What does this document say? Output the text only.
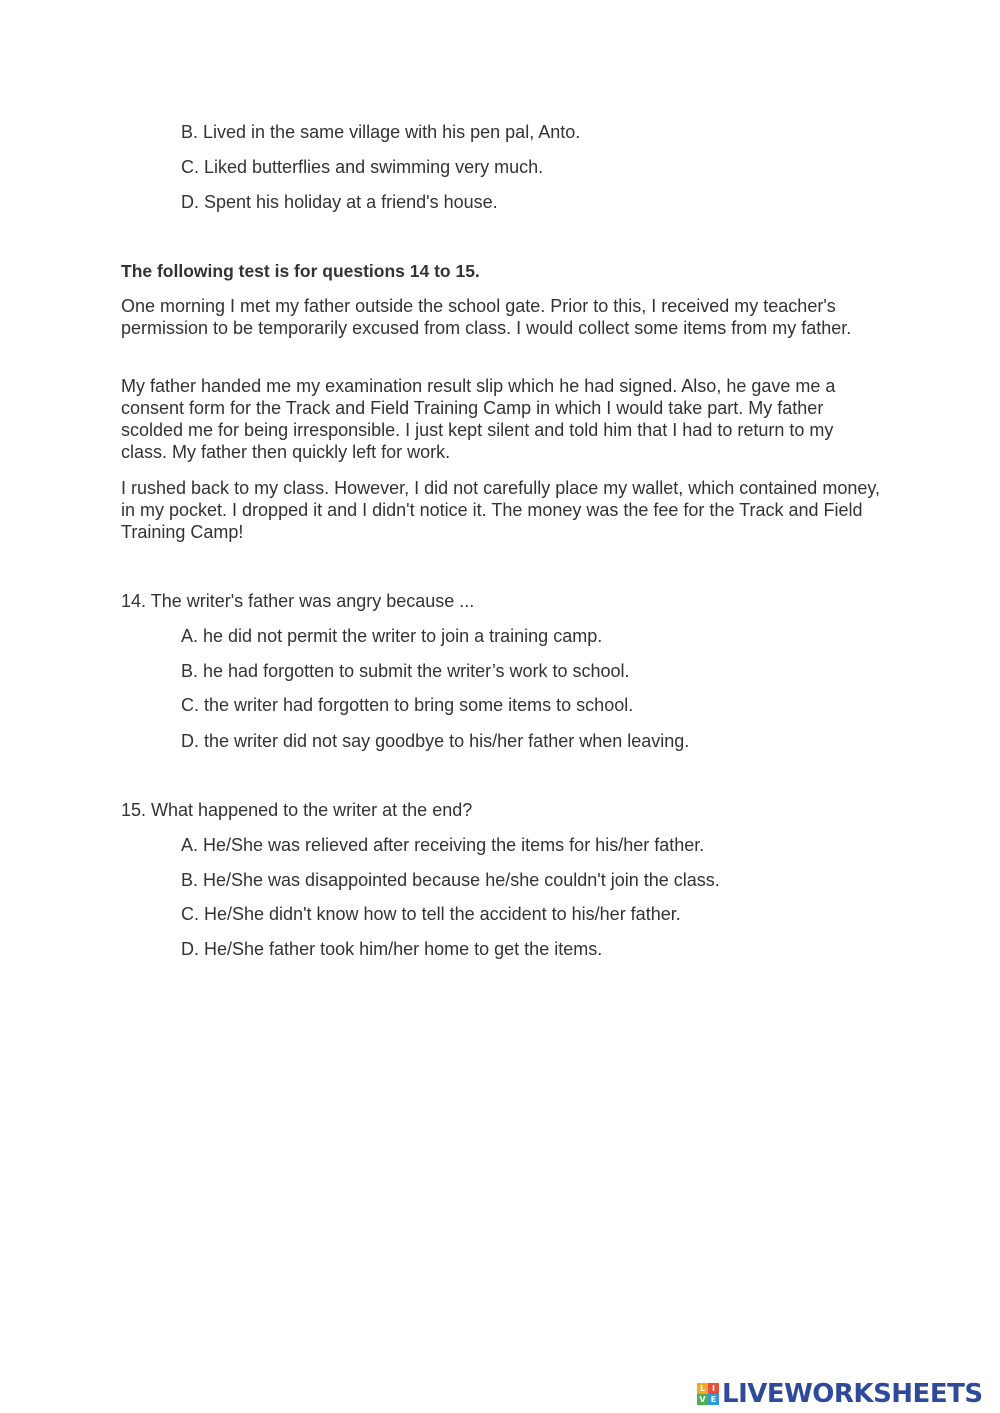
B. Lived in the same village with his pen pal, Anto.
C. Liked butterflies and swimming very much.
D. Spent his holiday at a friend's house.
The following test is for questions 14 to 15.

One morning I met my father outside the school gate. Prior to this, I received my teacher's permission to be temporarily excused from class. I would collect some items from my father.

My father handed me my examination result slip which he had signed. Also, he gave me a consent form for the Track and Field Training Camp in which I would take part. My father scolded me for being irresponsible. I just kept silent and told him that I had to return to my class. My father then quickly left for work.

I rushed back to my class. However, I did not carefully place my wallet, which contained money, in my pocket. I dropped it and I didn't notice it. The money was the fee for the Track and Field Training Camp!

14. The writer's father was angry because ...
A. he did not permit the writer to join a training camp.
B. he had forgotten to submit the writer’s work to school.
C. the writer had forgotten to bring some items to school.
D. the writer did not say goodbye to his/her father when leaving.
15. What happened to the writer at the end?
A. He/She was relieved after receiving the items for his/her father.
B. He/She was disappointed because he/she couldn't join the class.
C. He/She didn't know how to tell the accident to his/her father.
D. He/She father took him/her home to get the items.
L I
V E LIVEWORKSHEETS
